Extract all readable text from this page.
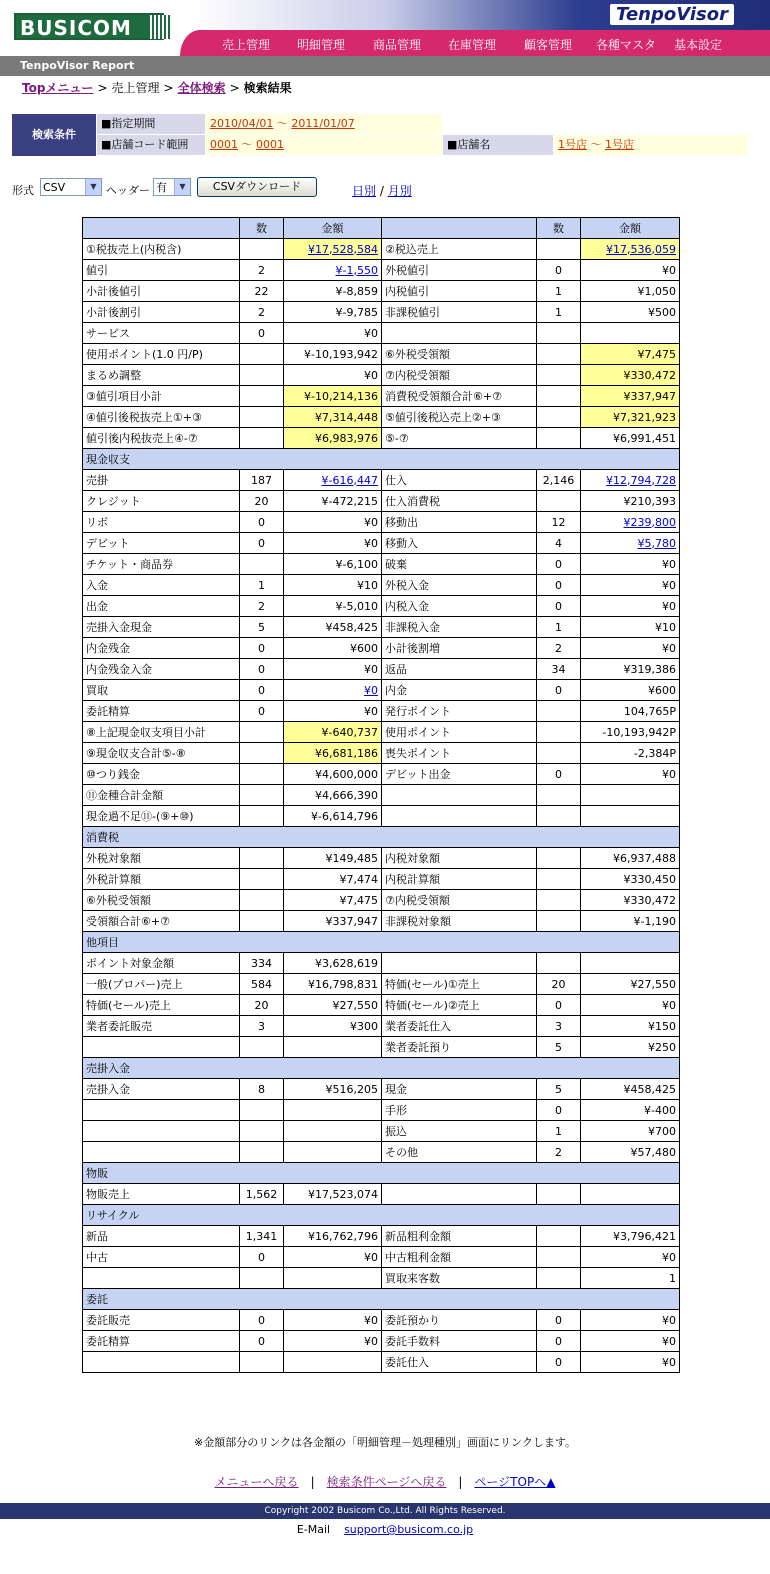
BUSICOM
TenpoVisor
売上管理 明細管理 商品管理 在庫管理 顧客管理 各種マスタ 基本設定
TenpoVisor Report
Topメニュー > 売上管理 > 全体検索 > 検索結果
検索条件
■指定期間	2010/04/01 〜 2011/01/07
■店舗コード範囲	0001 〜 0001	■店舗名	1号店 〜 1号店
形式 CSV	▼ ヘッダー 有	▼	CSVダウンロード	日別 / 月別
	数	金額		数	金額
①税抜売上(内税含)		¥17,528,584	②税込売上		¥17,536,059
値引	2	¥-1,550	外税値引	0	¥0
小計後値引	22	¥-8,859	内税値引	1	¥1,050
小計後割引	2	¥-9,785	非課税値引	1	¥500
サービス	0	¥0			
使用ポイント(1.0 円/P)		¥-10,193,942	⑥外税受領額		¥7,475
まるめ調整		¥0	⑦内税受領額		¥330,472
③値引項目小計		¥-10,214,136	消費税受領額合計⑥+⑦		¥337,947
④値引後税抜売上①+③		¥7,314,448	⑤値引後税込売上②+③		¥7,321,923
値引後内税抜売上④-⑦		¥6,983,976	⑤-⑦		¥6,991,451
現金収支					
売掛	187	¥-616,447	仕入	2,146	¥12,794,728
クレジット	20	¥-472,215	仕入消費税		¥210,393
リボ	0	¥0	移動出	12	¥239,800
デビット	0	¥0	移動入	4	¥5,780
チケット・商品券		¥-6,100	破棄	0	¥0
入金	1	¥10	外税入金	0	¥0
出金	2	¥-5,010	内税入金	0	¥0
売掛入金現金	5	¥458,425	非課税入金	1	¥10
内金残金	0	¥600	小計後割増	2	¥0
内金残金入金	0	¥0	返品	34	¥319,386
買取	0	¥0	内金	0	¥600
委託精算	0	¥0	発行ポイント		104,765P
⑧上記現金収支項目小計		¥-640,737	使用ポイント		-10,193,942P
⑨現金収支合計⑤-⑧		¥6,681,186	喪失ポイント		-2,384P
⑩つり銭金		¥4,600,000	デビット出金	0	¥0
⑪金種合計金額		¥4,666,390			
現金過不足⑪-(⑨+⑩)		¥-6,614,796			
消費税					
外税対象額		¥149,485	内税対象額		¥6,937,488
外税計算額		¥7,474	内税計算額		¥330,450
⑥外税受領額		¥7,475	⑦内税受領額		¥330,472
受領額合計⑥+⑦		¥337,947	非課税対象額		¥-1,190
他項目					
ポイント対象金額	334	¥3,628,619			
一般(プロパー)売上	584	¥16,798,831	特価(セール)①売上	20	¥27,550
特価(セール)売上	20	¥27,550	特価(セール)②売上	0	¥0
業者委託販売	3	¥300	業者委託仕入	3	¥150
			業者委託預り	5	¥250
売掛入金					
売掛入金	8	¥516,205	現金	5	¥458,425
			手形	0	¥-400
			振込	1	¥700
			その他	2	¥57,480
物販					
物販売上	1,562	¥17,523,074			
リサイクル					
新品	1,341	¥16,762,796	新品粗利金額		¥3,796,421
中古	0	¥0	中古粗利金額		¥0
			買取来客数		1
委託					
委託販売	0	¥0	委託預かり	0	¥0
委託精算	0	¥0	委託手数料	0	¥0
			委託仕入	0	¥0
※金額部分のリンクは各金額の「明細管理－処理種別」画面にリンクします。
メニューへ戻る | 検索条件ページへ戻る | ページTOPへ▲
Copyright 2002 Busicom Co.,Ltd. All Rights Reserved.
E-Mail support@busicom.co.jp
